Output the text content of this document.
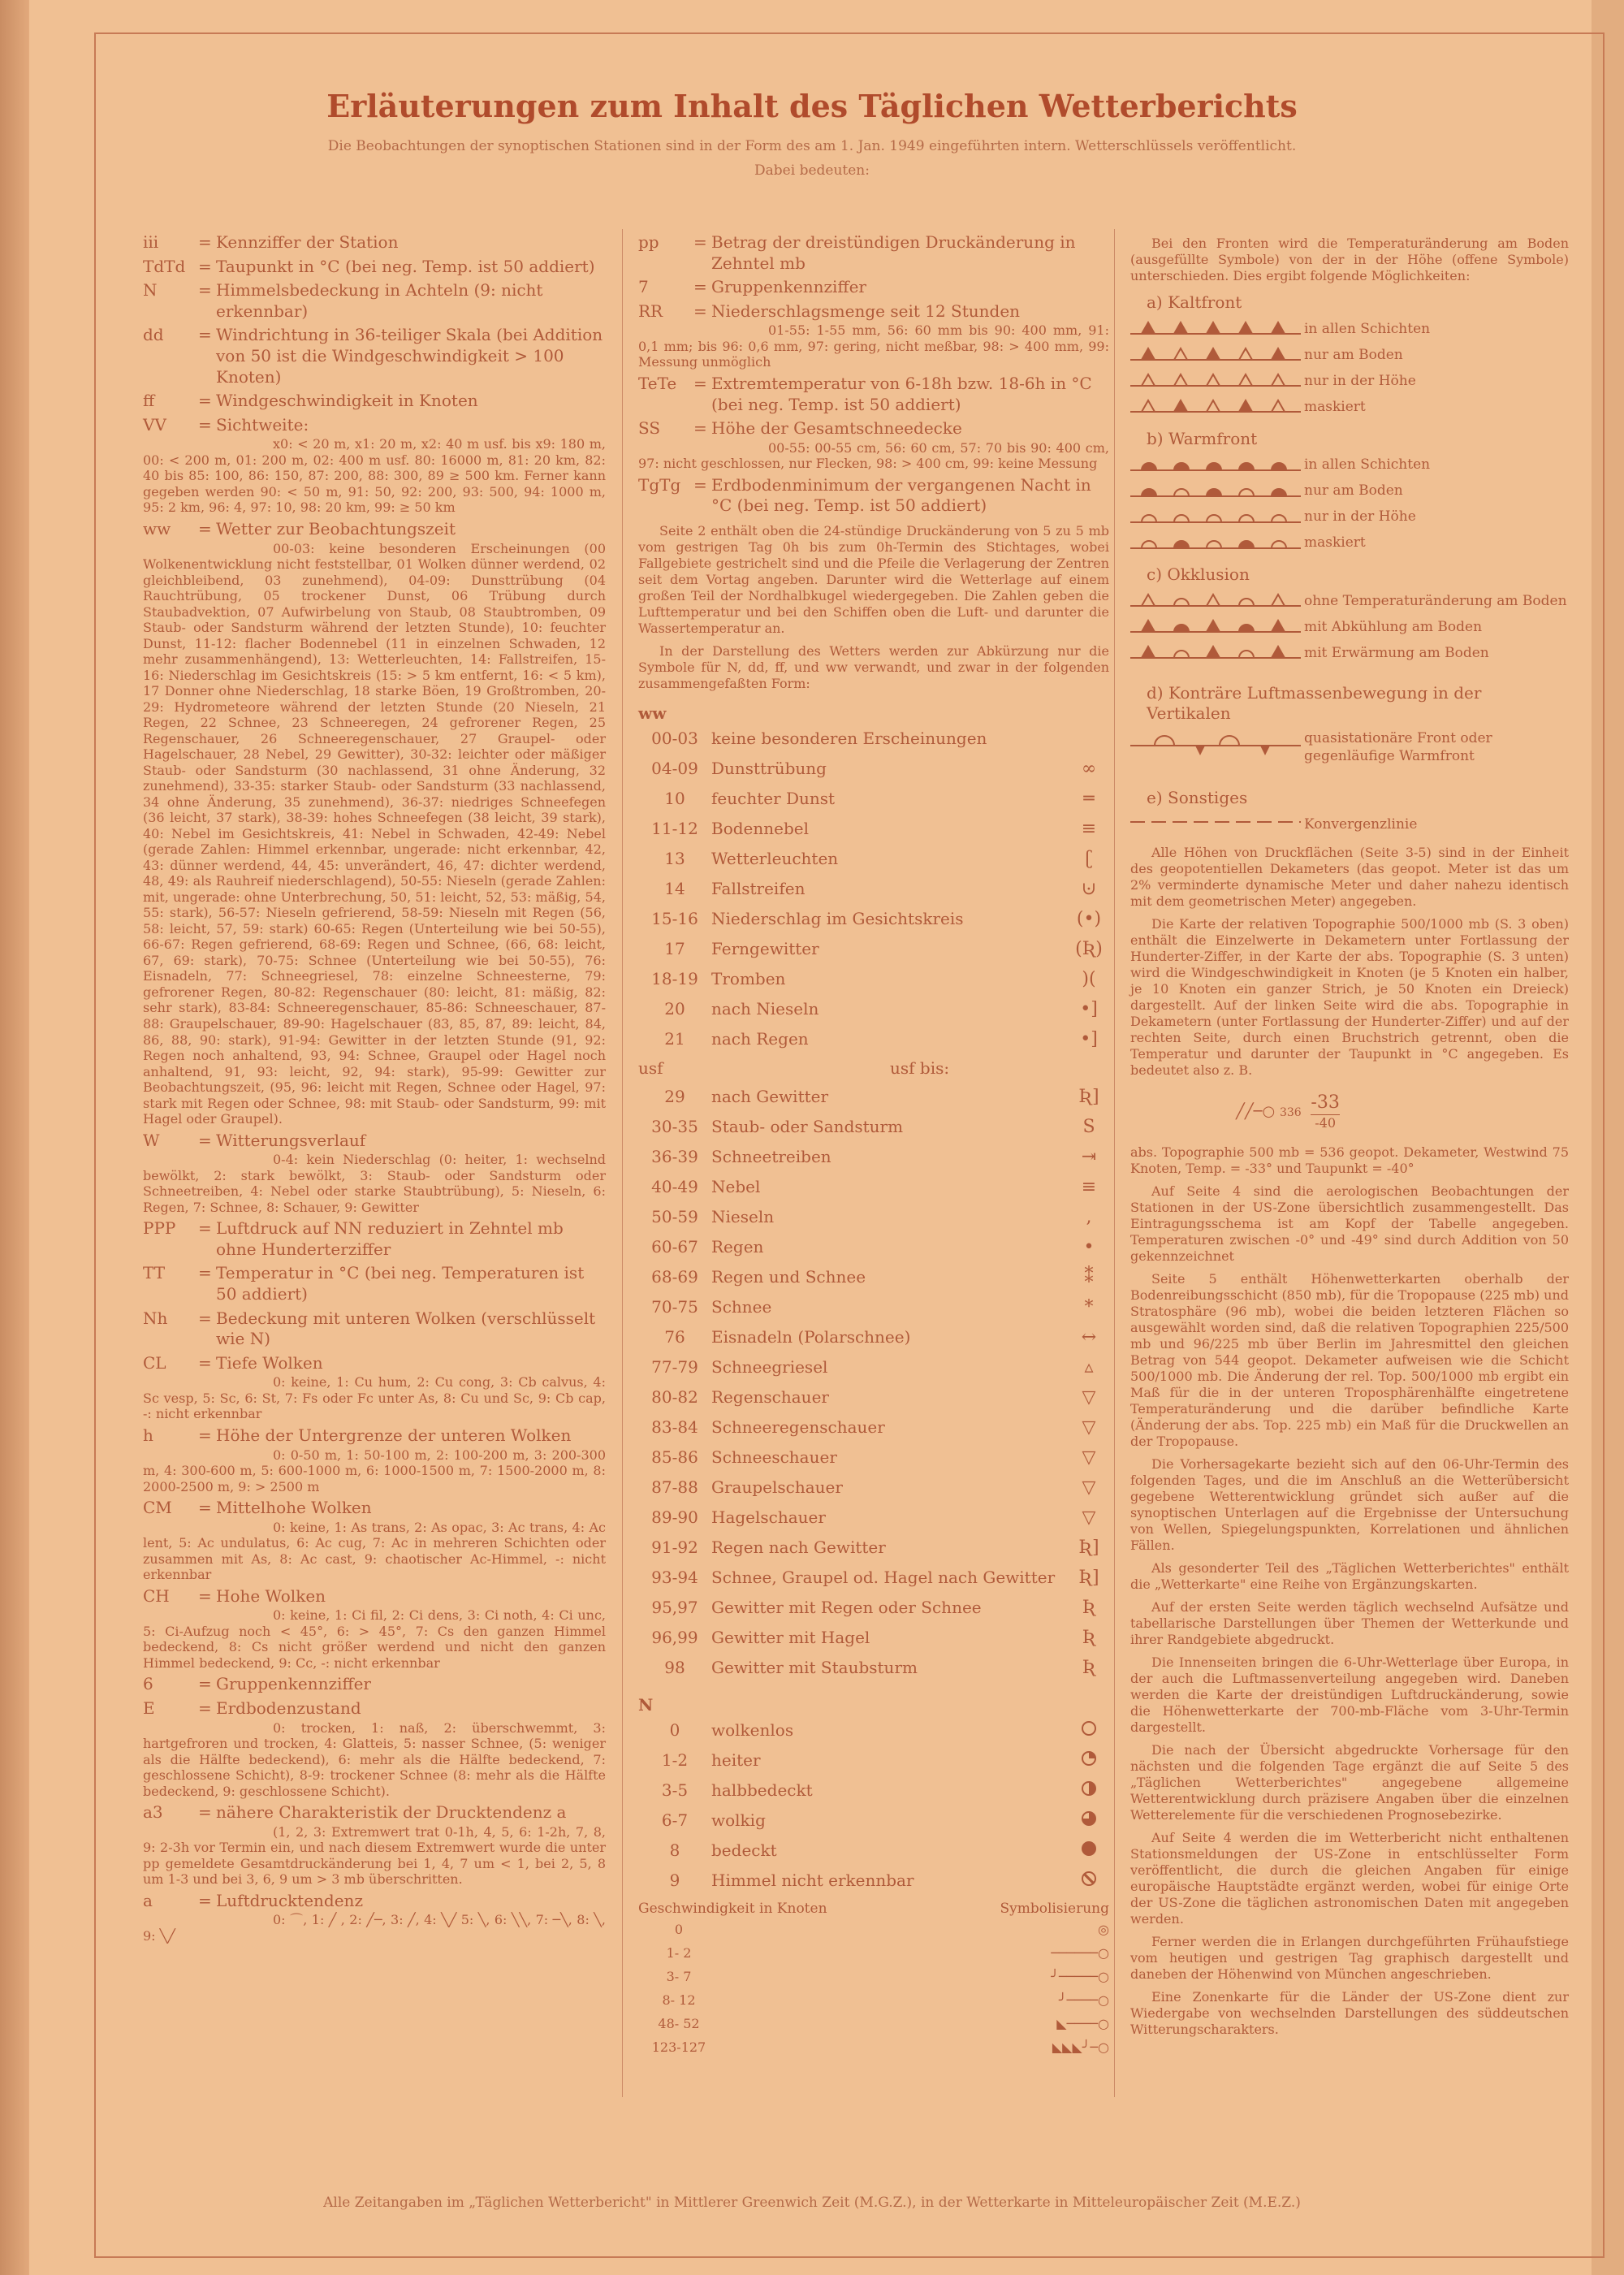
Erläuterungen zum Inhalt des Täglichen Wetterberichts
Die Beobachtungen der synoptischen Stationen sind in der Form des am 1. Jan. 1949 eingeführten intern. Wetterschlüssels veröffentlicht.
Dabei bedeuten:
iii	= Kennziffer der Station
TdTd = Taupunkt in °C (bei neg. Temp. ist 50 addiert)
N	= Himmelsbedeckung in Achteln (9: nicht erkennbar)
dd	= Windrichtung in 36-teiliger Skala (bei Addition von 50 ist die Windgeschwindigkeit > 100 Knoten)
ff	= Windgeschwindigkeit in Knoten
VV	= Sichtweite:
x0: < 20 m, x1: 20 m, x2: 40 m usf. bis x9: 180 m, 00: < 200 m, 01: 200 m, 02: 400 m usf. 80: 16000 m, 81: 20 km, 82: 40 bis 85: 100, 86: 150, 87: 200, 88: 300, 89 ≥ 500 km. Ferner kann gegeben werden 90: < 50 m, 91: 50, 92: 200, 93: 500, 94: 1000 m, 95: 2 km, 96: 4, 97: 10, 98: 20 km, 99: ≥ 50 km
ww	= Wetter zur Beobachtungszeit
00-03: keine besonderen Erscheinungen (00 Wolkenentwicklung nicht feststellbar, 01 Wolken dünner werdend, 02 gleichbleibend, 03 zunehmend), 04-09: Dunsttrübung (04 Rauchtrübung, 05 trockener Dunst, 06 Trübung durch Staubadvektion, 07 Aufwirbelung von Staub, 08 Staubtromben, 09 Staub- oder Sandsturm während der letzten Stunde), 10: feuchter Dunst, 11-12: flacher Bodennebel (11 in einzelnen Schwaden, 12 mehr zusammenhängend), 13: Wetterleuchten, 14: Fallstreifen, 15-16: Niederschlag im Gesichtskreis (15: > 5 km entfernt, 16: < 5 km), 17 Donner ohne Niederschlag, 18 starke Böen, 19 Großtromben, 20-29: Hydrometeore während der letzten Stunde (20 Nieseln, 21 Regen, 22 Schnee, 23 Schneeregen, 24 gefrorener Regen, 25 Regenschauer, 26 Schneeregenschauer, 27 Graupel- oder Hagelschauer, 28 Nebel, 29 Gewitter), 30-32: leichter oder mäßiger Staub- oder Sandsturm (30 nachlassend, 31 ohne Änderung, 32 zunehmend), 33-35: starker Staub- oder Sandsturm (33 nachlassend, 34 ohne Änderung, 35 zunehmend), 36-37: niedriges Schneefegen (36 leicht, 37 stark), 38-39: hohes Schneefegen (38 leicht, 39 stark), 40: Nebel im Gesichtskreis, 41: Nebel in Schwaden, 42-49: Nebel (gerade Zahlen: Himmel erkennbar, ungerade: nicht erkennbar, 42, 43: dünner werdend, 44, 45: unverändert, 46, 47: dichter werdend, 48, 49: als Rauhreif niederschlagend), 50-55: Nieseln (gerade Zahlen: mit, ungerade: ohne Unterbrechung, 50, 51: leicht, 52, 53: mäßig, 54, 55: stark), 56-57: Nieseln gefrierend, 58-59: Nieseln mit Regen (56, 58: leicht, 57, 59: stark) 60-65: Regen (Unterteilung wie bei 50-55), 66-67: Regen gefrierend, 68-69: Regen und Schnee, (66, 68: leicht, 67, 69: stark), 70-75: Schnee (Unterteilung wie bei 50-55), 76: Eisnadeln, 77: Schneegriesel, 78: einzelne Schneesterne, 79: gefrorener Regen, 80-82: Regenschauer (80: leicht, 81: mäßig, 82: sehr stark), 83-84: Schneeregenschauer, 85-86: Schneeschauer, 87-88: Graupelschauer, 89-90: Hagelschauer (83, 85, 87, 89: leicht, 84, 86, 88, 90: stark), 91-94: Gewitter in der letzten Stunde (91, 92: Regen noch anhaltend, 93, 94: Schnee, Graupel oder Hagel noch anhaltend, 91, 93: leicht, 92, 94: stark), 95-99: Gewitter zur Beobachtungszeit, (95, 96: leicht mit Regen, Schnee oder Hagel, 97: stark mit Regen oder Schnee, 98: mit Staub- oder Sandsturm, 99: mit Hagel oder Graupel).
W	= Witterungsverlauf
0-4: kein Niederschlag (0: heiter, 1: wechselnd bewölkt, 2: stark bewölkt, 3: Staub- oder Sandsturm oder Schneetreiben, 4: Nebel oder starke Staubtrübung), 5: Nieseln, 6: Regen, 7: Schnee, 8: Schauer, 9: Gewitter
PPP	= Luftdruck auf NN reduziert in Zehntel mb ohne Hunderterziffer
TT	= Temperatur in °C (bei neg. Temperaturen ist 50 addiert)
Nh	= Bedeckung mit unteren Wolken (verschlüsselt wie N)
CL	= Tiefe Wolken
0: keine, 1: Cu hum, 2: Cu cong, 3: Cb calvus, 4: Sc vesp, 5: Sc, 6: St, 7: Fs oder Fc unter As, 8: Cu und Sc, 9: Cb cap, -: nicht erkennbar
h	= Höhe der Untergrenze der unteren Wolken
0: 0-50 m, 1: 50-100 m, 2: 100-200 m, 3: 200-300 m, 4: 300-600 m, 5: 600-1000 m, 6: 1000-1500 m, 7: 1500-2000 m, 8: 2000-2500 m, 9: > 2500 m
CM	= Mittelhohe Wolken
0: keine, 1: As trans, 2: As opac, 3: Ac trans, 4: Ac lent, 5: Ac undulatus, 6: Ac cug, 7: Ac in mehreren Schichten oder zusammen mit As, 8: Ac cast, 9: chaotischer Ac-Himmel, -: nicht erkennbar
CH	= Hohe Wolken
0: keine, 1: Ci fil, 2: Ci dens, 3: Ci noth, 4: Ci unc, 5: Ci-Aufzug noch < 45°, 6: > 45°, 7: Cs den ganzen Himmel bedeckend, 8: Cs nicht größer werdend und nicht den ganzen Himmel bedeckend, 9: Cc, -: nicht erkennbar
6	= Gruppenkennziffer
E	= Erdbodenzustand
0: trocken, 1: naß, 2: überschwemmt, 3: hartgefroren und trocken, 4: Glatteis, 5: nasser Schnee, (5: weniger als die Hälfte bedeckend), 6: mehr als die Hälfte bedeckend, 7: geschlossene Schicht), 8-9: trockener Schnee (8: mehr als die Hälfte bedeckend, 9: geschlossene Schicht).
a3	= nähere Charakteristik der Drucktendenz a
(1, 2, 3: Extremwert trat 0-1h, 4, 5, 6: 1-2h, 7, 8, 9: 2-3h vor Termin ein, und nach diesem Extremwert wurde die unter pp gemeldete Gesamtdruckänderung bei 1, 4, 7 um < 1, bei 2, 5, 8 um 1-3 und bei 3, 6, 9 um > 3 mb überschritten.
a	= Luftdrucktendenz
0: ⌒, 1: ╱ , 2: ╱─, 3: ╱, 4: ╲╱ 5: ╲, 6: ╲╲, 7: ─╲, 8: ╲, 9: ╲╱
pp	= Betrag der dreistündigen Druckänderung in Zehntel mb
7	= Gruppenkennziffer
RR	= Niederschlagsmenge seit 12 Stunden
01-55: 1-55 mm, 56: 60 mm bis 90: 400 mm, 91: 0,1 mm; bis 96: 0,6 mm, 97: gering, nicht meßbar, 98: > 400 mm, 99: Messung unmöglich
TeTe	= Extremtemperatur von 6-18h bzw. 18-6h in °C (bei neg. Temp. ist 50 addiert)
SS	= Höhe der Gesamtschneedecke
00-55: 00-55 cm, 56: 60 cm, 57: 70 bis 90: 400 cm, 97: nicht geschlossen, nur Flecken, 98: > 400 cm, 99: keine Messung
TgTg = Erdbodenminimum der vergangenen Nacht in °C (bei neg. Temp. ist 50 addiert)
Seite 2 enthält oben die 24-stündige Druckänderung von 5 zu 5 mb vom gestrigen Tag 0h bis zum 0h-Termin des Stichtages, wobei Fallgebiete gestrichelt sind und die Pfeile die Verlagerung der Zentren seit dem Vortag angeben. Darunter wird die Wetterlage auf einem großen Teil der Nordhalbkugel wiedergegeben. Die Zahlen geben die Lufttemperatur und bei den Schiffen oben die Luft- und darunter die Wassertemperatur an.
In der Darstellung des Wetters werden zur Abkürzung nur die Symbole für N, dd, ff, und ww verwandt, und zwar in der folgenden zusammengefaßten Form:
ww
00-03 keine besonderen Erscheinungen
04-09 Dunsttrübung	∞
10	feuchter Dunst	═
11-12 Bodennebel	≡
13	Wetterleuchten	ʗ
14	Fallstreifen	⊍
15-16 Niederschlag im Gesichtskreis	(•)
17	Ferngewitter	(Ʀ)
18-19 Tromben	)(
20	nach Nieseln	•]
21	nach Regen	•]
usf	usf bis:
29	nach Gewitter	Ʀ]
30-35 Staub- oder Sandsturm	S
36-39 Schneetreiben	⇥
40-49 Nebel	≡
50-59 Nieseln	,
60-67 Regen	•
68-69 Regen und Schnee	⁑
70-75 Schnee	*
76	Eisnadeln (Polarschnee)	↔
77-79 Schneegriesel	▵
80-82 Regenschauer	▽
83-84 Schneeregenschauer	▽
85-86 Schneeschauer	▽
87-88 Graupelschauer	▽
89-90 Hagelschauer	▽
91-92 Regen nach Gewitter	Ʀ]
93-94 Schnee, Graupel od. Hagel nach Gewitter	Ʀ]
95,97 Gewitter mit Regen oder Schnee	Ʀ
96,99 Gewitter mit Hagel	Ʀ
98	Gewitter mit Staubsturm	Ʀ
N
0	wolkenlos
1-2	heiter
3-5	halbbedeckt
6-7	wolkig
8	bedeckt
9	Himmel nicht erkennbar
Geschwindigkeit in Knoten	Symbolisierung
0	◎
1- 2	──────○
3- 7	╯─────○
8- 12	╯────○
48- 52	◣────○
123-127	◣◣◣╯─○
Bei den Fronten wird die Temperaturänderung am Boden (ausgefüllte Symbole) von der in der Höhe (offene Symbole) unterschieden. Dies ergibt folgende Möglichkeiten:
a) Kaltfront
in allen Schichten
nur am Boden
nur in der Höhe
maskiert
b) Warmfront
in allen Schichten
nur am Boden
nur in der Höhe
maskiert
c) Okklusion
ohne Temperaturänderung am Boden
mit Abkühlung am Boden
mit Erwärmung am Boden
d) Konträre Luftmassenbewegung in der Vertikalen
quasistationäre Front oder gegenläufige Warmfront
e) Sonstiges
Konvergenzlinie
Alle Höhen von Druckflächen (Seite 3-5) sind in der Einheit des geopotentiellen Dekameters (das geopot. Meter ist das um 2% verminderte dynamische Meter und daher nahezu identisch mit dem geometrischen Meter) angegeben.
Die Karte der relativen Topographie 500/1000 mb (S. 3 oben) enthält die Einzelwerte in Dekametern unter Fortlassung der Hunderter-Ziffer, in der Karte der abs. Topographie (S. 3 unten) wird die Windgeschwindigkeit in Knoten (je 5 Knoten ein halber, je 10 Knoten ein ganzer Strich, je 50 Knoten ein Dreieck) dargestellt. Auf der linken Seite wird die abs. Topographie in Dekametern (unter Fortlassung der Hunderter-Ziffer) und auf der rechten Seite, durch einen Bruchstrich getrennt, oben die Temperatur und darunter der Taupunkt in °C angegeben. Es bedeutet also z. B.
╱╱─○ 336 -33
-40
abs. Topographie 500 mb = 536 geopot. Dekameter, Westwind 75 Knoten, Temp. = -33° und Taupunkt = -40°
Auf Seite 4 sind die aerologischen Beobachtungen der Stationen in der US-Zone übersichtlich zusammengestellt. Das Eintragungsschema ist am Kopf der Tabelle angegeben. Temperaturen zwischen -0° und -49° sind durch Addition von 50 gekennzeichnet
Seite 5 enthält Höhenwetterkarten oberhalb der Bodenreibungsschicht (850 mb), für die Tropopause (225 mb) und Stratosphäre (96 mb), wobei die beiden letzteren Flächen so ausgewählt worden sind, daß die relativen Topographien 225/500 mb und 96/225 mb über Berlin im Jahresmittel den gleichen Betrag von 544 geopot. Dekameter aufweisen wie die Schicht 500/1000 mb. Die Änderung der rel. Top. 500/1000 mb ergibt ein Maß für die in der unteren Troposphärenhälfte eingetretene Temperaturänderung und die darüber befindliche Karte (Änderung der abs. Top. 225 mb) ein Maß für die Druckwellen an der Tropopause.
Die Vorhersagekarte bezieht sich auf den 06-Uhr-Termin des folgenden Tages, und die im Anschluß an die Wetterübersicht gegebene Wetterentwicklung gründet sich außer auf die synoptischen Unterlagen auf die Ergebnisse der Untersuchung von Wellen, Spiegelungspunkten, Korrelationen und ähnlichen Fällen.
Als gesonderter Teil des „Täglichen Wetterberichtes" enthält die „Wetterkarte" eine Reihe von Ergänzungskarten.
Auf der ersten Seite werden täglich wechselnd Aufsätze und tabellarische Darstellungen über Themen der Wetterkunde und ihrer Randgebiete abgedruckt.
Die Innenseiten bringen die 6-Uhr-Wetterlage über Europa, in der auch die Luftmassenverteilung angegeben wird. Daneben werden die Karte der dreistündigen Luftdruckänderung, sowie die Höhenwetterkarte der 700-mb-Fläche vom 3-Uhr-Termin dargestellt.
Die nach der Übersicht abgedruckte Vorhersage für den nächsten und die folgenden Tage ergänzt die auf Seite 5 des „Täglichen Wetterberichtes" angegebene allgemeine Wetterentwicklung durch präzisere Angaben über die einzelnen Wetterelemente für die verschiedenen Prognosebezirke.
Auf Seite 4 werden die im Wetterbericht nicht enthaltenen Stationsmeldungen der US-Zone in entschlüsselter Form veröffentlicht, die durch die gleichen Angaben für einige europäische Hauptstädte ergänzt werden, wobei für einige Orte der US-Zone die täglichen astronomischen Daten mit angegeben werden.
Ferner werden die in Erlangen durchgeführten Frühaufstiege vom heutigen und gestrigen Tag graphisch dargestellt und daneben der Höhenwind von München angeschrieben.
Eine Zonenkarte für die Länder der US-Zone dient zur Wiedergabe von wechselnden Darstellungen des süddeutschen Witterungscharakters.
Alle Zeitangaben im „Täglichen Wetterbericht" in Mittlerer Greenwich Zeit (M.G.Z.), in der Wetterkarte in Mitteleuropäischer Zeit (M.E.Z.)
